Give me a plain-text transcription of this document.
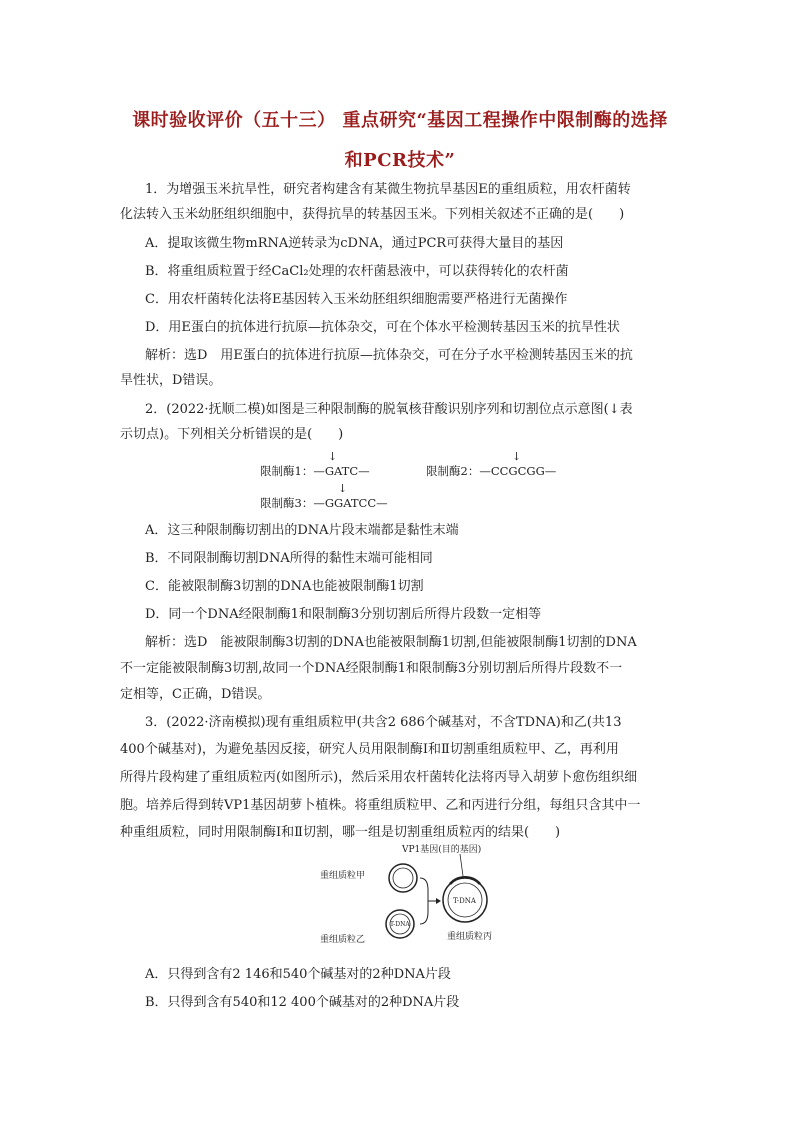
课时验收评价（五十三） 重点研究“基因工程操作中限制酶的选择
和PCR技术”
1．为增强玉米抗旱性，研究者构建含有某微生物抗旱基因E的重组质粒，用农杆菌转
化法转入玉米幼胚组织细胞中，获得抗旱的转基因玉米。下列相关叙述不正确的是(　　)
A．提取该微生物mRNA逆转录为cDNA，通过PCR可获得大量目的基因
B．将重组质粒置于经CaCl₂处理的农杆菌悬液中，可以获得转化的农杆菌
C．用农杆菌转化法将E基因转入玉米幼胚组织细胞需要严格进行无菌操作
D．用E蛋白的抗体进行抗原—抗体杂交，可在个体水平检测转基因玉米的抗旱性状
解析：选D　用E蛋白的抗体进行抗原—抗体杂交，可在分子水平检测转基因玉米的抗
旱性状，D错误。
2．(2022·抚顺二模)如图是三种限制酶的脱氧核苷酸识别序列和切割位点示意图(↓表
示切点)。下列相关分析错误的是(　　)
↓
限制酶1：—GATC—
↓
限制酶2：—CCGCGG—
↓
限制酶3：—GGATCC—
A．这三种限制酶切割出的DNA片段末端都是黏性末端
B．不同限制酶切割DNA所得的黏性末端可能相同
C．能被限制酶3切割的DNA也能被限制酶1切割
D．同一个DNA经限制酶1和限制酶3分别切割后所得片段数一定相等
解析：选D　能被限制酶3切割的DNA也能被限制酶1切割,但能被限制酶1切割的DNA
不一定能被限制酶3切割,故同一个DNA经限制酶1和限制酶3分别切割后所得片段数不一
定相等，C正确，D错误。
3．(2022·济南模拟)现有重组质粒甲(共含2 686个碱基对，不含TDNA)和乙(共13
400个碱基对)，为避免基因反接，研究人员用限制酶Ⅰ和Ⅱ切割重组质粒甲、乙，再利用
所得片段构建了重组质粒丙(如图所示)，然后采用农杆菌转化法将丙导入胡萝卜愈伤组织细
胞。培养后得到转VP1基因胡萝卜植株。将重组质粒甲、乙和丙进行分组，每组只含其中一
种重组质粒，同时用限制酶Ⅰ和Ⅱ切割，哪一组是切割重组质粒丙的结果(　　)
VP1基因(目的基因)
重组质粒甲
T-DNA
重组质粒乙
T-DNA
重组质粒丙
A．只得到含有2 146和540个碱基对的2种DNA片段
B．只得到含有540和12 400个碱基对的2种DNA片段
